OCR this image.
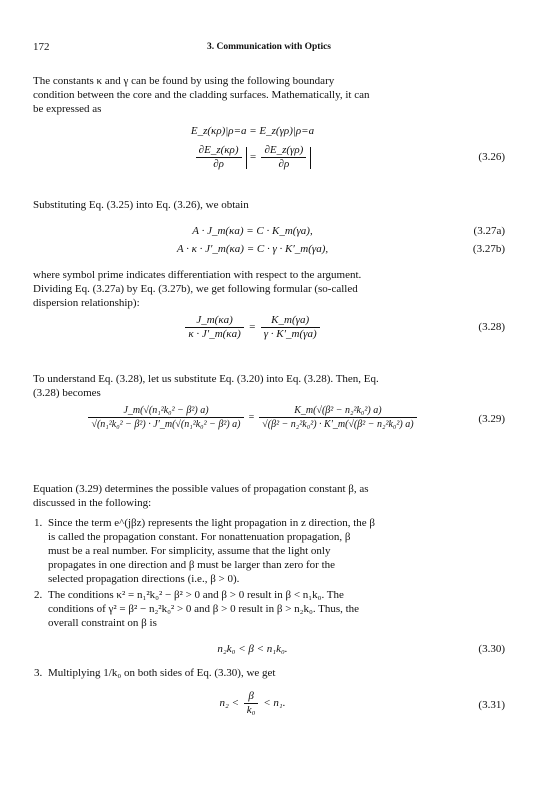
172	3. Communication with Optics
The constants κ and γ can be found by using the following boundary
condition between the core and the cladding surfaces. Mathematically, it can
be expressed as
E_z(κρ)|ρ=a = E_z(γρ)|ρ=a
$\frac{\partial E\_z(\kappa\rho)}{\partial\rho} = \frac{\partial E\_z(\gamma\rho)}{\partial\rho}$	(3.26)
Substituting Eq. (3.25) into Eq. (3.26), we obtain
A · J_m(κa) = C · K_m(γa),	(3.27a)
A · κ · J′_m(κa) = C · γ · K′_m(γa),	(3.27b)
where symbol prime indicates differentiation with respect to the argument.
Dividing Eq. (3.27a) by Eq. (3.27b), we get following formular (so-called
dispersion relationship):
$\frac{J\_m(\kappa a)}{\kappa \cdot J'\_m(\kappa a)} = \frac{K\_m(\gamma a)}{\gamma \cdot K'\_m(\gamma a)}$	(3.28)
To understand Eq. (3.28), let us substitute Eq. (3.20) into Eq. (3.28). Then, Eq.
(3.28) becomes
$\frac{\text{J\_m(√(n₁²k₀² − β²) a)}}{\text{√(n₁²k₀² − β²) · J′\_m(√(n₁²k₀² − β²) a)}} = \frac{\text{K\_m(√(β² − n₂²k₀²) a)}}{\text{√(β² − n₂²k₀²) · K′\_m(√(β² − n₂²k₀²) a)}}$	(3.29)
Equation (3.29) determines the possible values of propagation constant β, as
discussed in the following:
1. Since the term e^(jβz) represents the light propagation in z direction, the β
is called the propagation constant. For nonattenuation propagation, β
must be a real number. For simplicity, assume that the light only
propagates in one direction and β must be larger than zero for the
selected propagation directions (i.e., β > 0).
2. The conditions κ² = n₁²k₀² − β² > 0 and β > 0 result in β < n₁k₀. The
conditions of γ² = β² − n₂²k₀² > 0 and β > 0 result in β > n₂k₀. Thus, the
overall constraint on β is
n₂k₀ < β < n₁k₀.	(3.30)
3. Multiplying 1/k₀ on both sides of Eq. (3.30), we get
$n_2 < \frac{\beta}{\text{k₀}} < n_1$.	(3.31)
